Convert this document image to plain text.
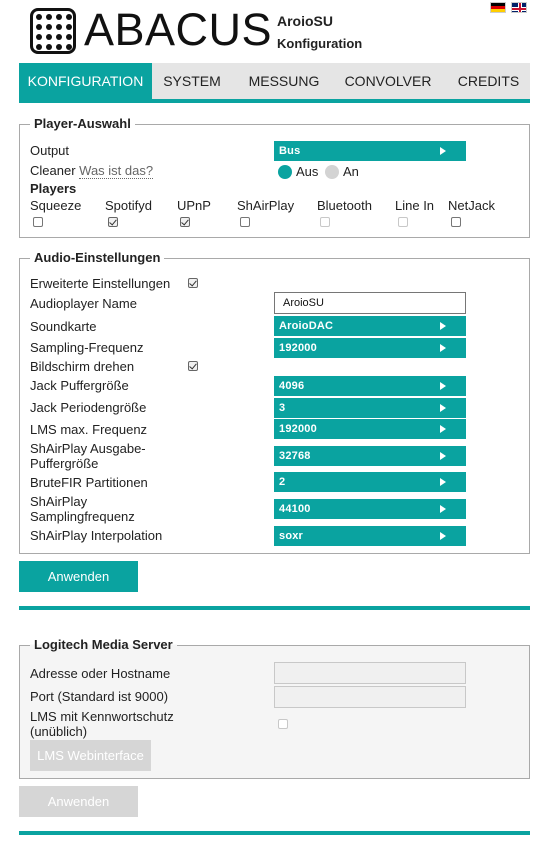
ABACUS AroioSU
Konfiguration
KONFIGURATION	SYSTEM	MESSUNG	CONVOLVER	CREDITS
Player-Auswahl
Output	Bus
Cleaner Was ist das?	Aus An
Players
Squeeze Spotifyd UPnP ShAirPlay Bluetooth Line In NetJack
Audio-Einstellungen
Erweiterte Einstellungen
Audioplayer Name	AroioSU
Soundkarte	AroioDAC
Sampling-Frequenz	192000
Bildschirm drehen
Jack Puffergröße	4096
Jack Periodengröße	3
LMS max. Frequenz	192000
ShAirPlay Ausgabe-
Puffergröße	32768
BruteFIR Partitionen	2
ShAirPlay
Samplingfrequenz	44100
ShAirPlay Interpolation	soxr
Anwenden
Logitech Media Server
Adresse oder Hostname
Port (Standard ist 9000)
LMS mit Kennwortschutz
(unüblich)
LMS Webinterface
Anwenden
